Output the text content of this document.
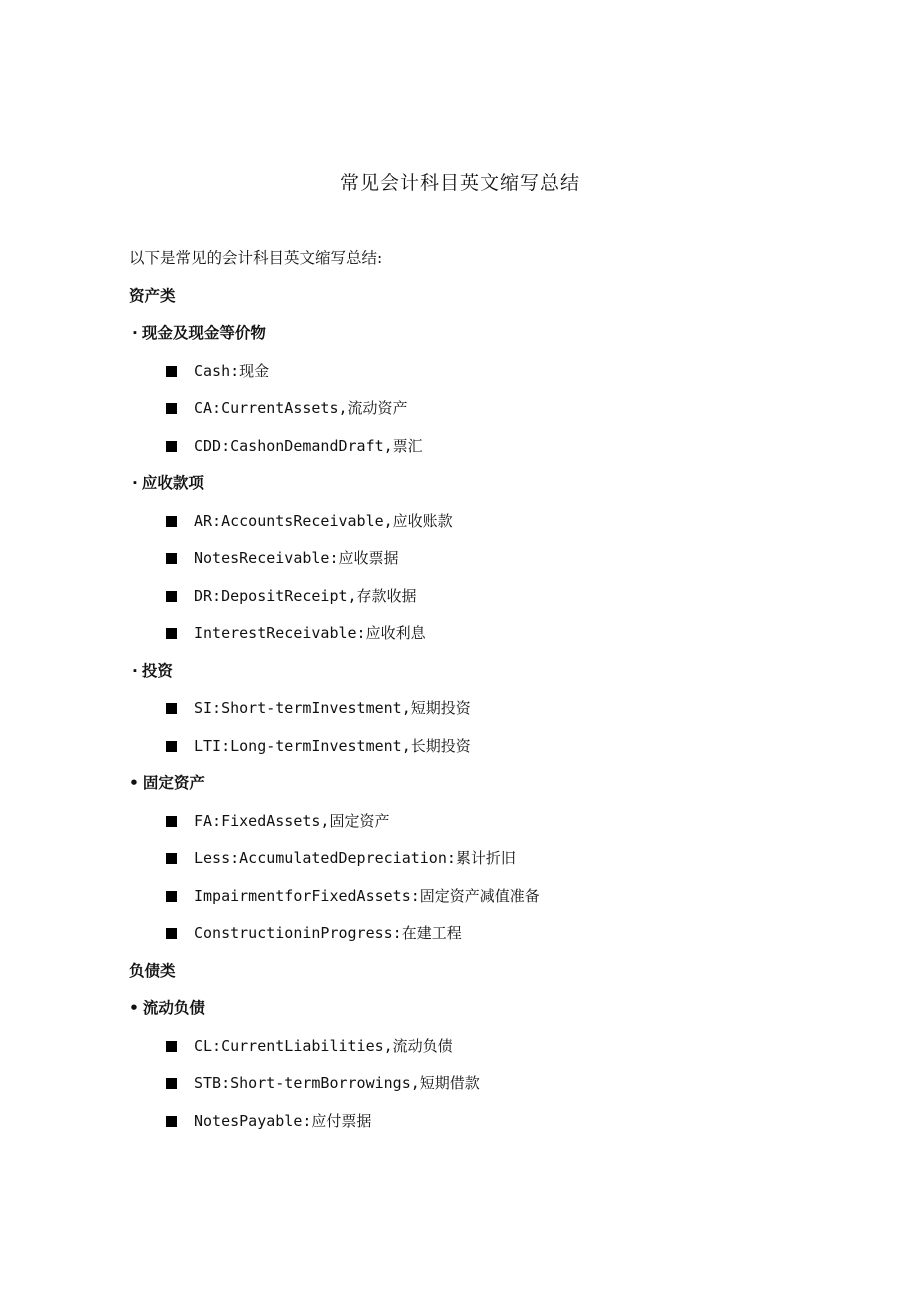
常见会计科目英文缩写总结
以下是常见的会计科目英文缩写总结:
资产类
· 现金及现金等价物
Cash:现金
CA:CurrentAssets,流动资产
CDD:CashonDemandDraft,票汇
· 应收款项
AR:AccountsReceivable,应收账款
NotesReceivable:应收票据
DR:DepositReceipt,存款收据
InterestReceivable:应收利息
· 投资
SI:Short-termInvestment,短期投资
LTI:Long-termInvestment,长期投资
• 固定资产
FA:FixedAssets,固定资产
Less:AccumulatedDepreciation:累计折旧
ImpairmentforFixedAssets:固定资产减值准备
ConstructioninProgress:在建工程
负债类
• 流动负债
CL:CurrentLiabilities,流动负债
STB:Short-termBorrowings,短期借款
NotesPayable:应付票据
